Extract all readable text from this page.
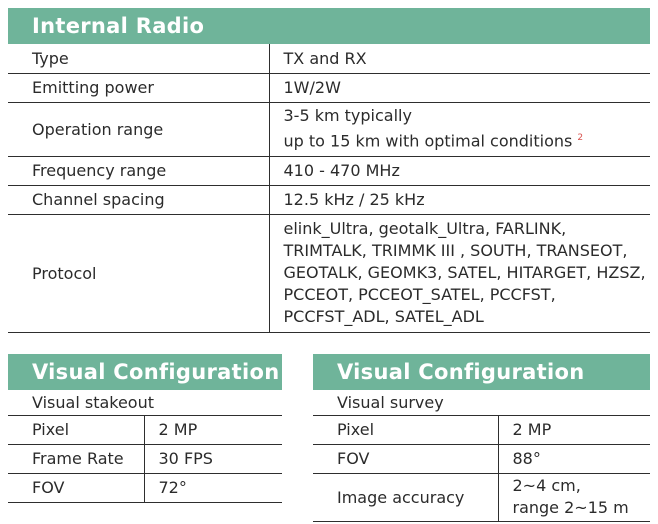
Internal Radio
Type	TX and RX
Emitting power	1W/2W
Operation range	3-5 km typically
up to 15 km with optimal conditions $^2$

Frequency range	410 - 470 MHz
Channel spacing	12.5 kHz / 25 kHz
Protocol	elink_Ultra, geotalk_Ultra, FARLINK,
TRIMTALK, TRIMMK III , SOUTH, TRANSEOT,
GEOTALK, GEOMK3, SATEL, HITARGET, HZSZ,
PCCEOT, PCCEOT_SATEL, PCCFST,
PCCFST_ADL, SATEL_ADL
Visual Configuration
Visual stakeout	
Pixel	2 MP
Frame Rate	30 FPS
FOV	72°
Visual Configuration
Visual survey	
Pixel	2 MP
FOV	88°
Image accuracy	2~4 cm,
range 2~15 m
